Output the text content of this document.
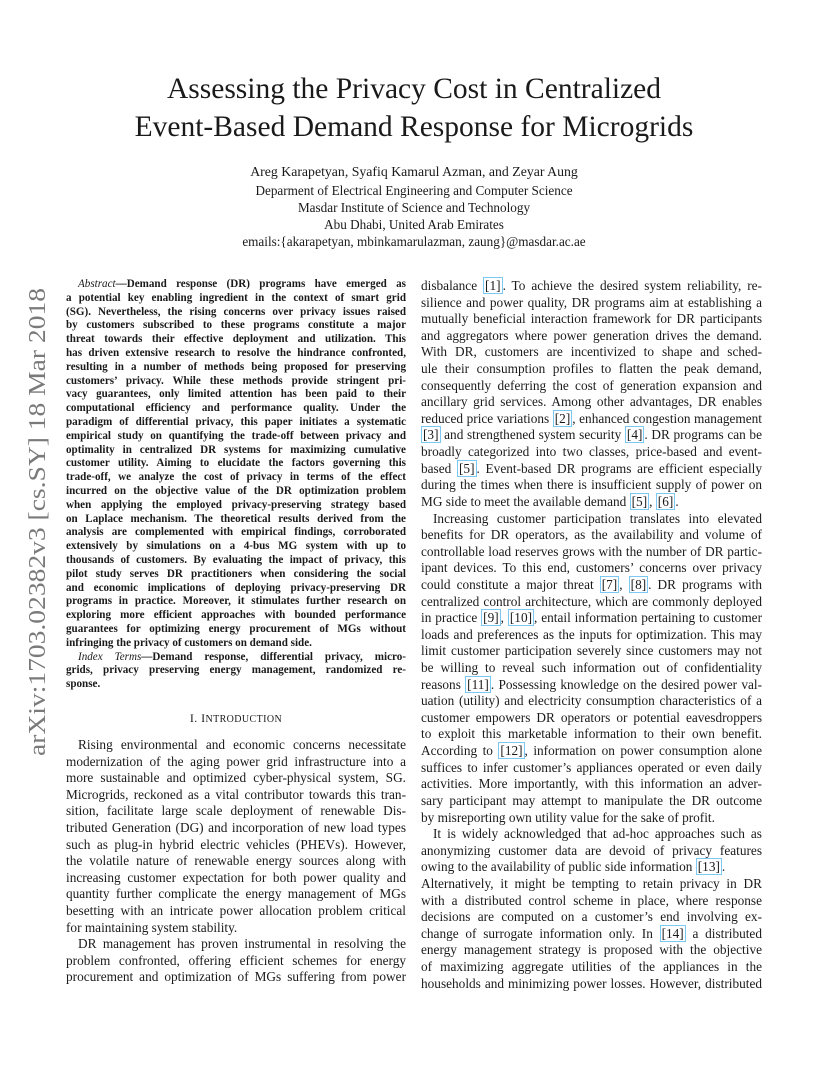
Assessing the Privacy Cost in Centralized
Event-Based Demand Response for Microgrids
Areg Karapetyan, Syafiq Kamarul Azman, and Zeyar Aung
Deparment of Electrical Engineering and Computer Science
Masdar Institute of Science and Technology
Abu Dhabi, United Arab Emirates
emails:{akarapetyan, mbinkamarulazman, zaung}@masdar.ac.ae
arXiv:1703.02382v3 [cs.SY] 18 Mar 2018
Abstract—Demand response (DR) programs have emerged as
a potential key enabling ingredient in the context of smart grid
(SG). Nevertheless, the rising concerns over privacy issues raised
by customers subscribed to these programs constitute a major
threat towards their effective deployment and utilization. This
has driven extensive research to resolve the hindrance confronted,
resulting in a number of methods being proposed for preserving
customers’ privacy. While these methods provide stringent pri-
vacy guarantees, only limited attention has been paid to their
computational efficiency and performance quality. Under the
paradigm of differential privacy, this paper initiates a systematic
empirical study on quantifying the trade-off between privacy and
optimality in centralized DR systems for maximizing cumulative
customer utility. Aiming to elucidate the factors governing this
trade-off, we analyze the cost of privacy in terms of the effect
incurred on the objective value of the DR optimization problem
when applying the employed privacy-preserving strategy based
on Laplace mechanism. The theoretical results derived from the
analysis are complemented with empirical findings, corroborated
extensively by simulations on a 4-bus MG system with up to
thousands of customers. By evaluating the impact of privacy, this
pilot study serves DR practitioners when considering the social
and economic implications of deploying privacy-preserving DR
programs in practice. Moreover, it stimulates further research on
exploring more efficient approaches with bounded performance
guarantees for optimizing energy procurement of MGs without
infringing the privacy of customers on demand side.
Index Terms—Demand response, differential privacy, micro-
grids, privacy preserving energy management, randomized re-
sponse.
I. INTRODUCTION
Rising environmental and economic concerns necessitate
modernization of the aging power grid infrastructure into a
more sustainable and optimized cyber-physical system, SG.
Microgrids, reckoned as a vital contributor towards this tran-
sition, facilitate large scale deployment of renewable Dis-
tributed Generation (DG) and incorporation of new load types
such as plug-in hybrid electric vehicles (PHEVs). However,
the volatile nature of renewable energy sources along with
increasing customer expectation for both power quality and
quantity further complicate the energy management of MGs
besetting with an intricate power allocation problem critical
for maintaining system stability.
DR management has proven instrumental in resolving the
problem confronted, offering efficient schemes for energy
procurement and optimization of MGs suffering from power
disbalance [1] . To achieve the desired system reliability, re-
silience and power quality, DR programs aim at establishing a
mutually beneficial interaction framework for DR participants
and aggregators where power generation drives the demand.
With DR, customers are incentivized to shape and sched-
ule their consumption profiles to flatten the peak demand,
consequently deferring the cost of generation expansion and
ancillary grid services. Among other advantages, DR enables
reduced price variations [2] , enhanced congestion management
[3] and strengthened system security [4] . DR programs can be
broadly categorized into two classes, price-based and event-
based [5] . Event-based DR programs are efficient especially
during the times when there is insufficient supply of power on
MG side to meet the available demand [5] , [6] .
Increasing customer participation translates into elevated
benefits for DR operators, as the availability and volume of
controllable load reserves grows with the number of DR partic-
ipant devices. To this end, customers’ concerns over privacy
could constitute a major threat [7] , [8] . DR programs with
centralized control architecture, which are commonly deployed
in practice [9] , [10] , entail information pertaining to customer
loads and preferences as the inputs for optimization. This may
limit customer participation severely since customers may not
be willing to reveal such information out of confidentiality
reasons [11] . Possessing knowledge on the desired power val-
uation (utility) and electricity consumption characteristics of a
customer empowers DR operators or potential eavesdroppers
to exploit this marketable information to their own benefit.
According to [12] , information on power consumption alone
suffices to infer customer’s appliances operated or even daily
activities. More importantly, with this information an adver-
sary participant may attempt to manipulate the DR outcome
by misreporting own utility value for the sake of profit.
It is widely acknowledged that ad-hoc approaches such as
anonymizing customer data are devoid of privacy features
owing to the availability of public side information [13] .
Alternatively, it might be tempting to retain privacy in DR
with a distributed control scheme in place, where response
decisions are computed on a customer’s end involving ex-
change of surrogate information only. In [14] a distributed
energy management strategy is proposed with the objective
of maximizing aggregate utilities of the appliances in the
households and minimizing power losses. However, distributed
